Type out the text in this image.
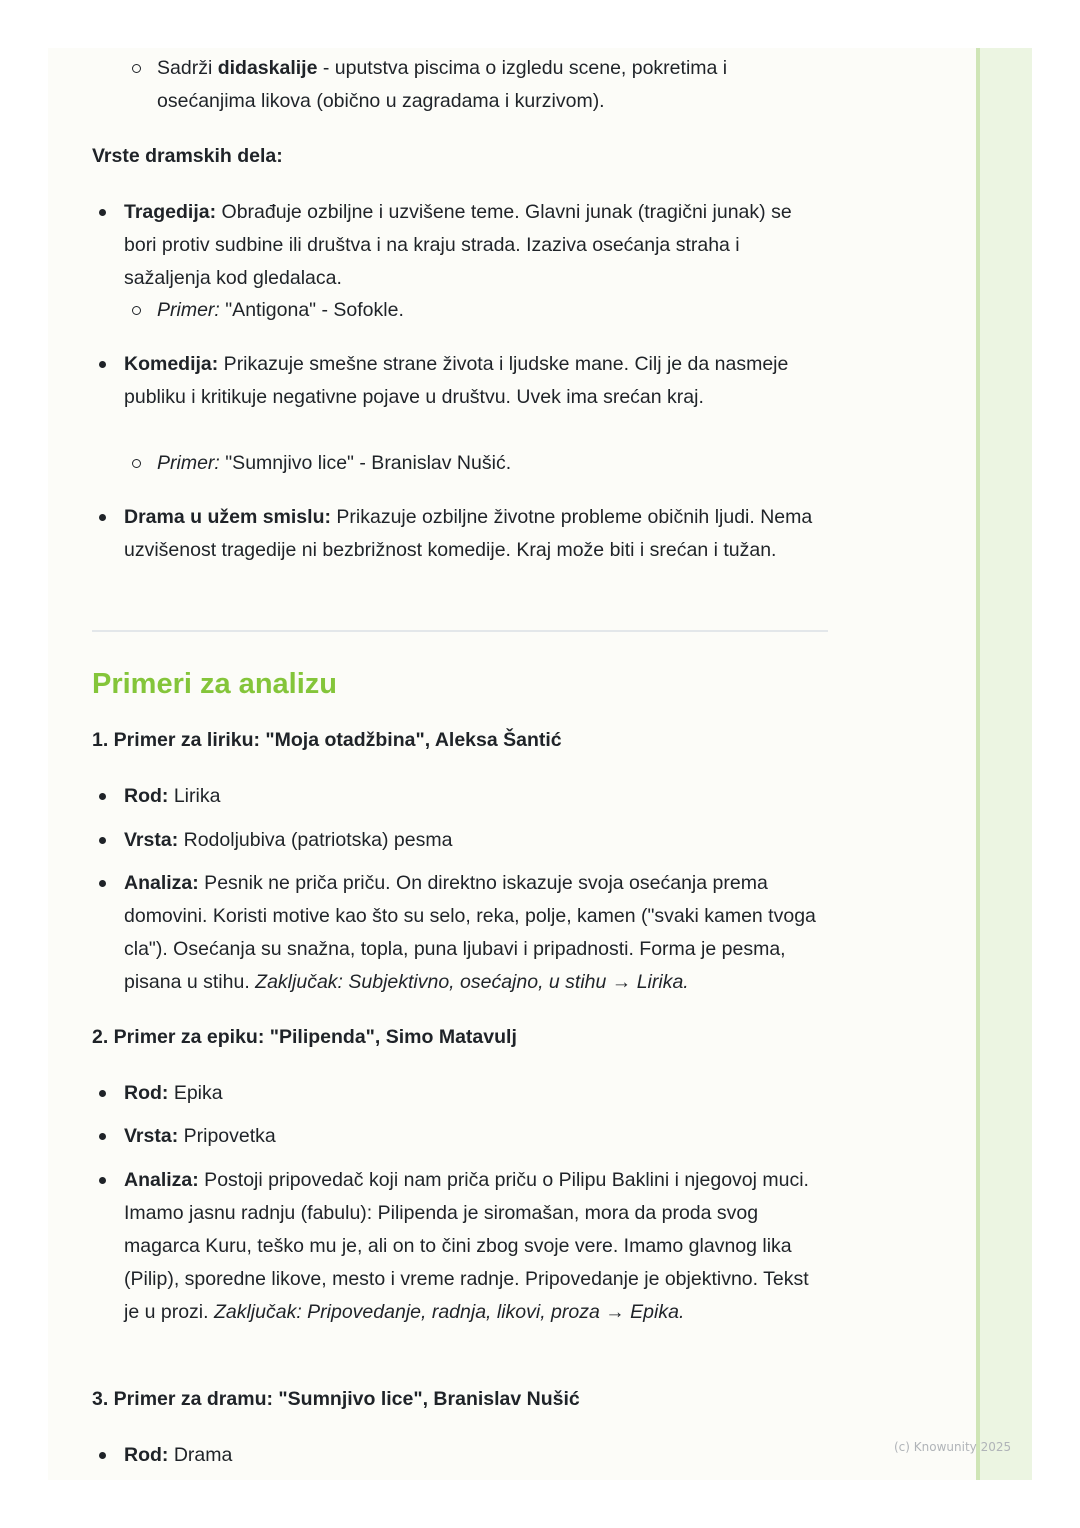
Sadrži didaskalije - uputstva piscima o izgledu scene, pokretima i osećanjima likova (obično u zagradama i kurzivom).
Vrste dramskih dela:
Tragedija: Obrađuje ozbiljne i uzvišene teme. Glavni junak (tragični junak) se bori protiv sudbine ili društva i na kraju strada. Izaziva osećanja straha i sažaljenja kod gledalaca.
Primer: "Antigona" - Sofokle.
Komedija: Prikazuje smešne strane života i ljudske mane. Cilj je da nasmeje publiku i kritikuje negativne pojave u društvu. Uvek ima srećan kraj.
Primer: "Sumnjivo lice" - Branislav Nušić.
Drama u užem smislu: Prikazuje ozbiljne životne probleme običnih ljudi. Nema uzvišenost tragedije ni bezbrižnost komedije. Kraj može biti i srećan i tužan.
Primeri za analizu
1. Primer za liriku: "Moja otadžbina", Aleksa Šantić
Rod: Lirika
Vrsta: Rodoljubiva (patriotska) pesma
Analiza: Pesnik ne priča priču. On direktno iskazuje svoja osećanja prema domovini. Koristi motive kao što su selo, reka, polje, kamen ("svaki kamen tvoga cla"). Osećanja su snažna, topla, puna ljubavi i pripadnosti. Forma je pesma, pisana u stihu. Zaključak: Subjektivno, osećajno, u stihu → Lirika.
2. Primer za epiku: "Pilipenda", Simo Matavulj
Rod: Epika
Vrsta: Pripovetka
Analiza: Postoji pripovedač koji nam priča priču o Pilipu Baklini i njegovoj muci. Imamo jasnu radnju (fabulu): Pilipenda je siromašan, mora da proda svog magarca Kuru, teško mu je, ali on to čini zbog svoje vere. Imamo glavnog lika (Pilip), sporedne likove, mesto i vreme radnje. Pripovedanje je objektivno. Tekst je u prozi. Zaključak: Pripovedanje, radnja, likovi, proza → Epika.
3. Primer za dramu: "Sumnjivo lice", Branislav Nušić
Rod: Drama	(c) Knowunity 2025
